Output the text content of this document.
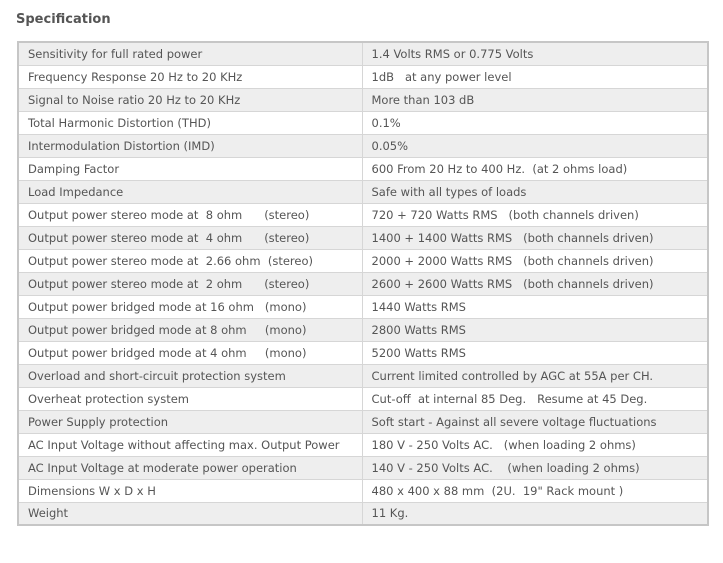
Specification
Sensitivity for full rated power	1.4 Volts RMS or 0.775 Volts
Frequency Response 20 Hz to 20 KHz	1dB   at any power level
Signal to Noise ratio 20 Hz to 20 KHz	More than 103 dB
Total Harmonic Distortion (THD)	0.1%
Intermodulation Distortion (IMD)	0.05%
Damping Factor	600 From 20 Hz to 400 Hz.  (at 2 ohms load)
Load Impedance	Safe with all types of loads
Output power stereo mode at  8 ohm      (stereo)	720 + 720 Watts RMS   (both channels driven)
Output power stereo mode at  4 ohm      (stereo)	1400 + 1400 Watts RMS   (both channels driven)
Output power stereo mode at  2.66 ohm  (stereo)	2000 + 2000 Watts RMS   (both channels driven)
Output power stereo mode at  2 ohm      (stereo)	2600 + 2600 Watts RMS   (both channels driven)
Output power bridged mode at 16 ohm   (mono)	1440 Watts RMS
Output power bridged mode at 8 ohm     (mono)	2800 Watts RMS
Output power bridged mode at 4 ohm     (mono)	5200 Watts RMS
Overload and short-circuit protection system	Current limited controlled by AGC at 55A per CH.
Overheat protection system	Cut-off  at internal 85 Deg.   Resume at 45 Deg.
Power Supply protection	Soft start - Against all severe voltage fluctuations
AC Input Voltage without affecting max. Output Power	180 V - 250 Volts AC.   (when loading 2 ohms)
AC Input Voltage at moderate power operation	140 V - 250 Volts AC.    (when loading 2 ohms)
Dimensions W x D x H	480 x 400 x 88 mm  (2U.  19" Rack mount )
Weight	11 Kg.
